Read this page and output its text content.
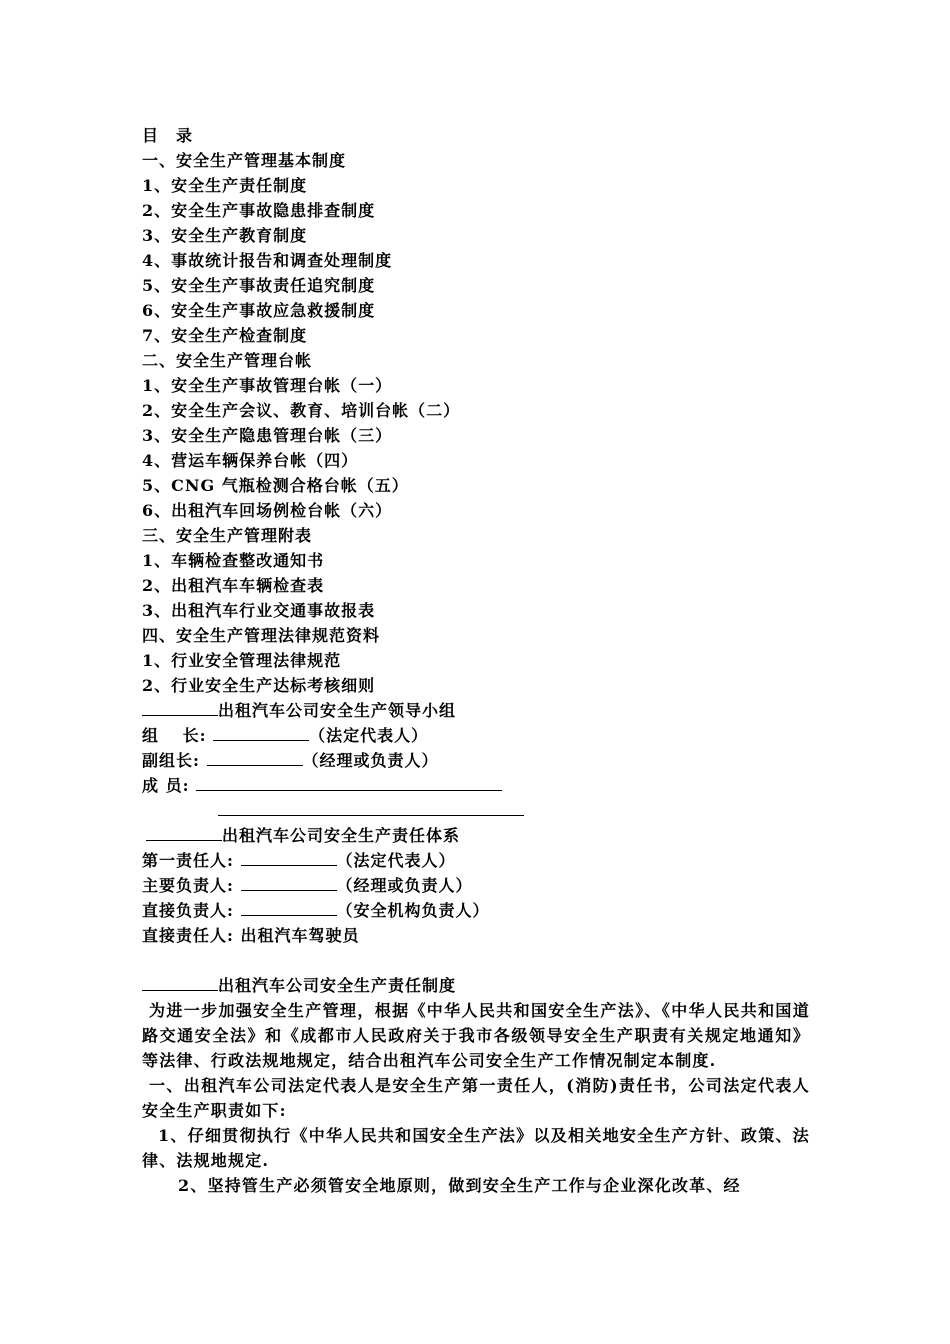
目　录
一、安全生产管理基本制度
1、安全生产责任制度
2、安全生产事故隐患排查制度
3、安全生产教育制度
4、事故统计报告和调查处理制度
5、安全生产事故责任追究制度
6、安全生产事故应急救援制度
7、安全生产检查制度
二、安全生产管理台帐
1、安全生产事故管理台帐（一）
2、安全生产会议、教育、培训台帐（二）
3、安全生产隐患管理台帐（三）
4、营运车辆保养台帐（四）
5、CNG 气瓶检测合格台帐（五）
6、出租汽车回场例检台帐（六）
三、安全生产管理附表
1、车辆检查整改通知书
2、出租汽车车辆检查表
3、出租汽车行业交通事故报表
四、安全生产管理法律规范资料
1、行业安全管理法律规范
2、行业安全生产达标考核细则
出租汽车公司安全生产领导小组
组　 长:	（法定代表人）
副组长:	（经理或负责人）
成 员:
出租汽车公司安全生产责任体系
第一责任人:	（法定代表人）
主要负责人:	（经理或负责人）
直接负责人:	（安全机构负责人）
直接责任人: 出租汽车驾驶员
出租汽车公司安全生产责任制度
为进一步加强安全生产管理，根据《中华人民共和国安全生产法》、《中华人民共和国道路交通安全法》和《成都市人民政府关于我市各级领导安全生产职责有关规定地通知》等法律、行政法规地规定，结合出租汽车公司安全生产工作情况制定本制度.
一、出租汽车公司法定代表人是安全生产第一责任人，(消防)责任书，公司法定代表人安全生产职责如下:
1、仔细贯彻执行《中华人民共和国安全生产法》以及相关地安全生产方针、政策、法律、法规地规定.
2、坚持管生产必须管安全地原则，做到安全生产工作与企业深化改革、经
